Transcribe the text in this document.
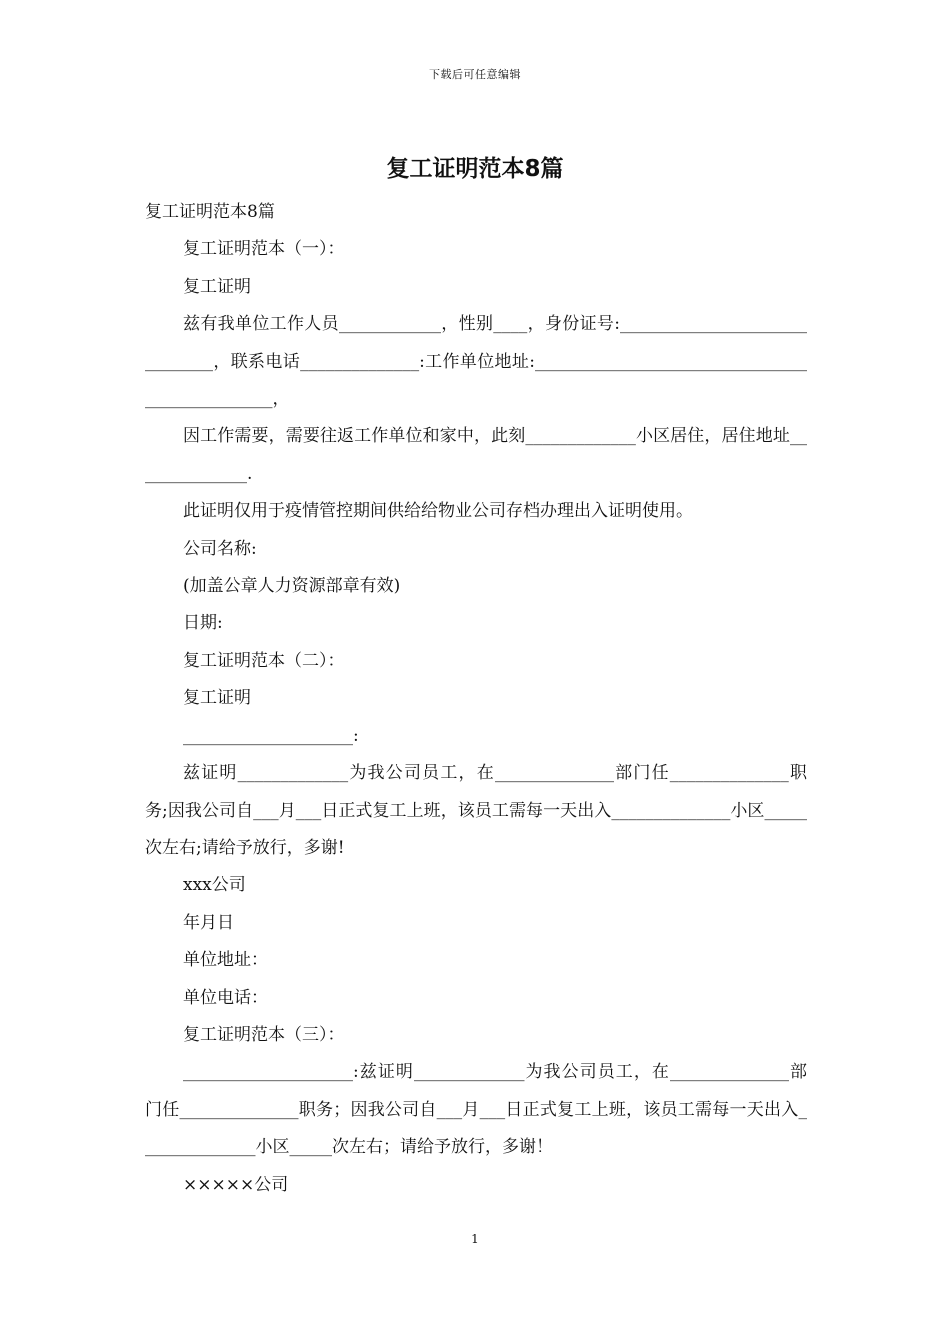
下载后可任意编辑
复工证明范本8篇

复工证明范本8篇

复工证明范本（一）：

复工证明

兹有我单位工作人员____________，性别____，身份证号:______________________________，联系电话______________:工作单位地址:_______________________________________________，

因工作需要，需要往返工作单位和家中，此刻_____________小区居住，居住地址______________.

此证明仅用于疫情管控期间供给给物业公司存档办理出入证明使用。

公司名称:

(加盖公章人力资源部章有效)

日期:

复工证明范本（二）：

复工证明

____________________:

兹证明_____________为我公司员工，在______________部门任______________职务;因我公司自___月___日正式复工上班，该员工需每一天出入______________小区_____次左右;请给予放行，多谢!

xxx公司

年月日

单位地址：

单位电话：

复工证明范本（三）：

____________________:兹证明_____________为我公司员工，在______________部门任______________职务；因我公司自___月___日正式复工上班，该员工需每一天出入______________小区_____次左右；请给予放行，多谢！

×××××公司

1
